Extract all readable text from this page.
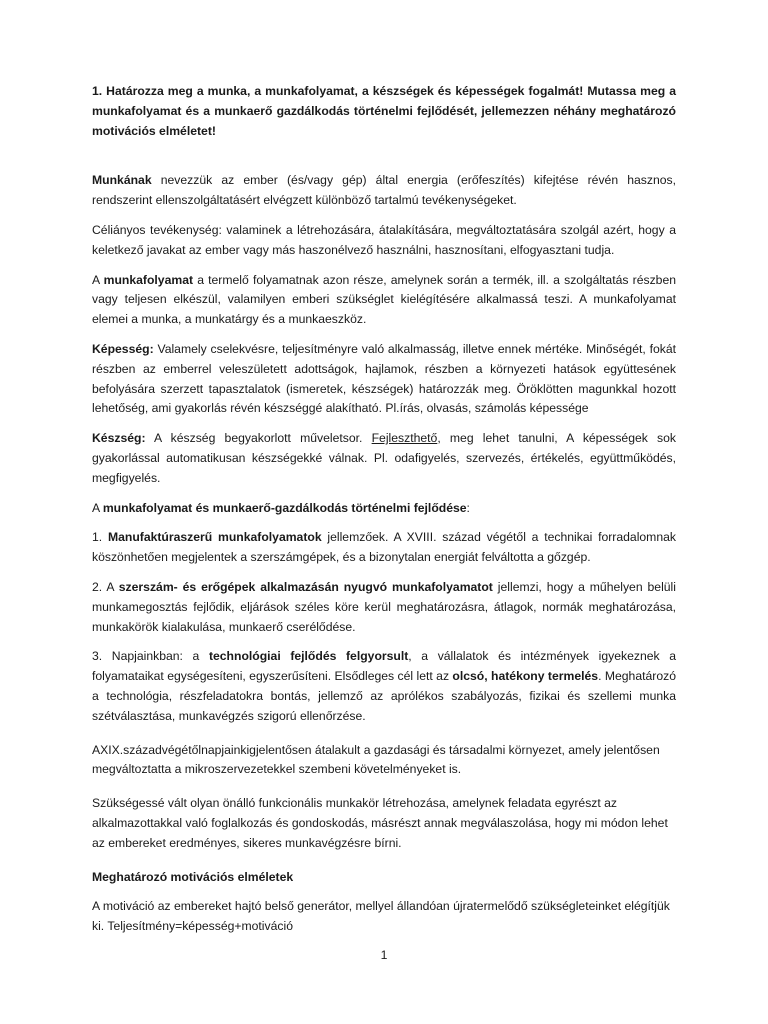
1. Határozza meg a munka, a munkafolyamat, a készségek és képességek fogalmát! Mutassa meg a munkafolyamat és a munkaerő gazdálkodás történelmi fejlődését, jellemezzen néhány meghatározó motivációs elméletet!

Munkának nevezzük az ember (és/vagy gép) által energia (erőfeszítés) kifejtése révén hasznos, rendszerint ellenszolgáltatásért elvégzett különböző tartalmú tevékenységeket.

Céliányos tevékenység: valaminek a létrehozására, átalakítására, megváltoztatására szolgál azért, hogy a keletkező javakat az ember vagy más haszonélvező használni, hasznosítani, elfogyasztani tudja.

A munkafolyamat a termelő folyamatnak azon része, amelynek során a termék, ill. a szolgáltatás részben vagy teljesen elkészül, valamilyen emberi szükséglet kielégítésére alkalmassá teszi. A munkafolyamat elemei a munka, a munkatárgy és a munkaeszköz.

Képesség: Valamely cselekvésre, teljesítményre való alkalmasság, illetve ennek mértéke. Minőségét, fokát részben az emberrel veleszületett adottságok, hajlamok, részben a környezeti hatások együttesének befolyására szerzett tapasztalatok (ismeretek, készségek) határozzák meg. Öröklötten magunkkal hozott lehetőség, ami gyakorlás révén készséggé alakítható. Pl.írás, olvasás, számolás képessége

Készség: A készség begyakorlott műveletsor. Fejleszthető, meg lehet tanulni, A képességek sok gyakorlással automatikusan készségekké válnak. Pl. odafigyelés, szervezés, értékelés, együttműködés, megfigyelés.

A munkafolyamat és munkaerő-gazdálkodás történelmi fejlődése:

1. Manufaktúraszerű munkafolyamatok jellemzőek. A XVIII. század végétől a technikai forradalomnak köszönhetően megjelentek a szerszámgépek, és a bizonytalan energiát felváltotta a gőzgép.

2. A szerszám- és erőgépek alkalmazásán nyugvó munkafolyamatot jellemzi, hogy a műhelyen belüli munkamegosztás fejlődik, eljárások széles köre kerül meghatározásra, átlagok, normák meghatározása, munkakörök kialakulása, munkaerő cserélődése.

3. Napjainkban: a technológiai fejlődés felgyorsult, a vállalatok és intézmények igyekeznek a folyamataikat egységesíteni, egyszerűsíteni. Elsődleges cél lett az olcsó, hatékony termelés. Meghatározó a technológia, részfeladatokra bontás, jellemző az aprólékos szabályozás, fizikai és szellemi munka szétválasztása, munkavégzés szigorú ellenőrzése.

AXIX.századvégétőlnapjainkigjelentősen átalakult a gazdasági és társadalmi környezet, amely jelentősen megváltoztatta a mikroszervezetekkel szembeni követelményeket is.

Szükségessé vált olyan önálló funkcionális munkakör létrehozása, amelynek feladata egyrészt az alkalmazottakkal való foglalkozás és gondoskodás, másrészt annak megválaszolása, hogy mi módon lehet az embereket eredményes, sikeres munkavégzésre bírni.

Meghatározó motivációs elméletek

A motiváció az embereket hajtó belső generátor, mellyel állandóan újratermelődő szükségleteinket elégítjük ki. Teljesítmény=képesség+motiváció

1
